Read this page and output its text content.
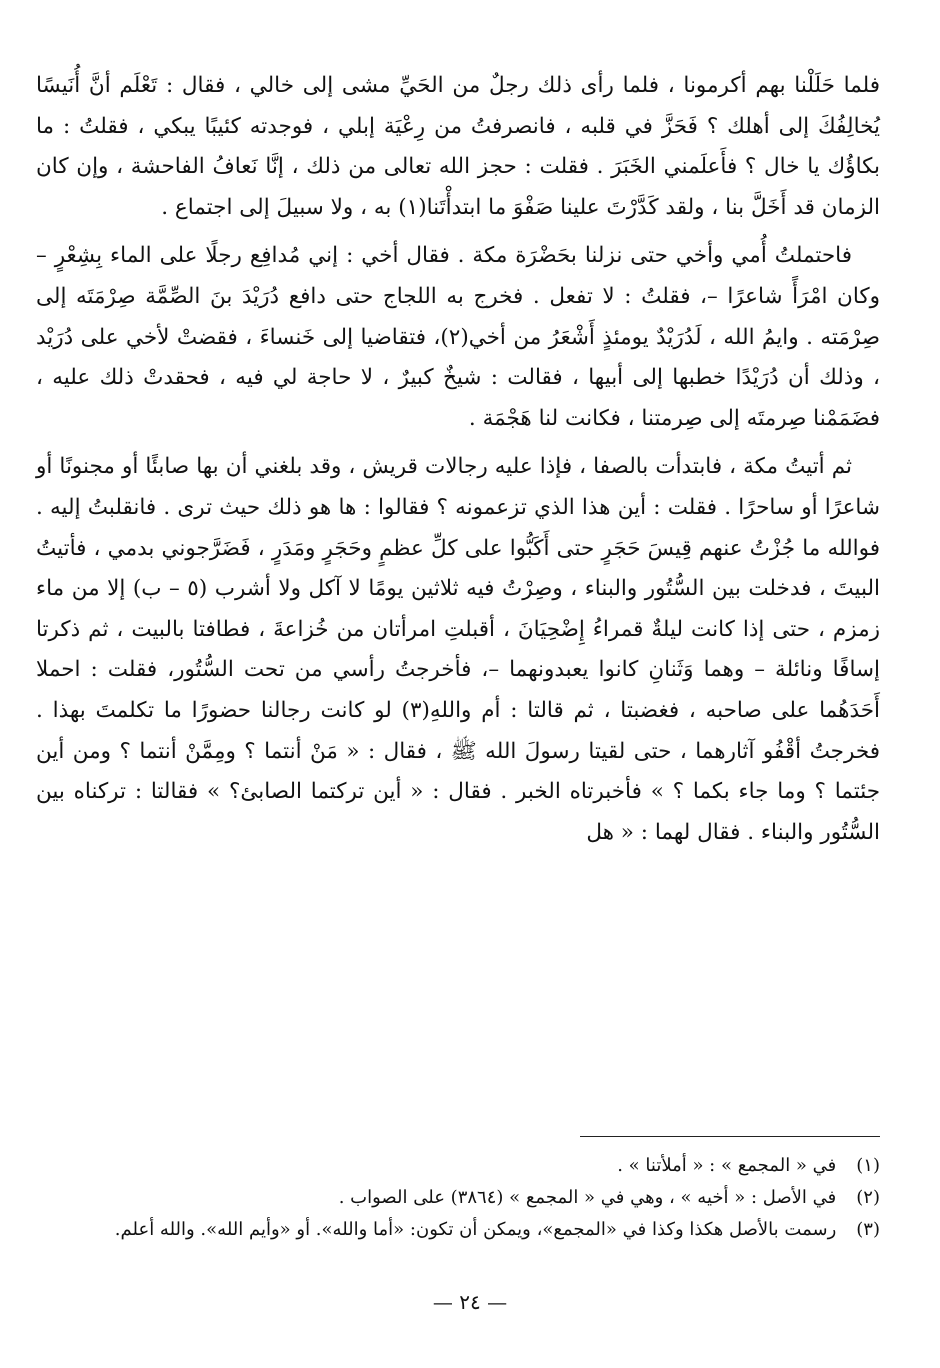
فلما حَلَلْنا بهم أكرمونا ، فلما رأى ذلك رجلٌ من الحَيِّ مشى إلى خالي ، فقال : تَعْلَم أنَّ أُنَيسًا يُخالِفُكَ إلى أهلك ؟ فَحَزَّ في قلبه ، فانصرفتُ من رِعْيَة إبلي ، فوجدته كئيبًا يبكي ، فقلتُ : ما بكاؤُك يا خال ؟ فأَعلَمني الخَبَرَ . فقلت : حجز الله تعالى من ذلك ، إنَّا نَعافُ الفاحشة ، وإن كان الزمان قد أَخَلَّ بنا ، ولقد كَدَّرْتَ علينا صَفْوَ ما ابتدأْتَنا(١) به ، ولا سبيلَ إلى اجتماع .

فاحتملتُ أُمي وأخي حتى نزلنا بحَضْرَة مكة . فقال أخي : إني مُدافِع رجلًا على الماء بِشِعْرٍ – وكان امْرَأً شاعرًا –، فقلتُ : لا تفعل . فخرج به اللجاج حتى دافع دُرَيْدَ بنَ الصِّمَّة صِرْمَتَه إلى صِرْمَته . وايمُ الله ، لَدُرَيْدٌ يومئذٍ أَشْعَرُ من أخي(٢)، فتقاضيا إلى خَنساءَ ، فقضتْ لأخي على دُرَيْد ، وذلك أن دُرَيْدًا خطبها إلى أبيها ، فقالت : شيخٌ كبيرٌ ، لا حاجة لي فيه ، فحقدتْ ذلك عليه ، فضَمَمْنا صِرمتَه إلى صِرمتنا ، فكانت لنا هَجْمَة .

ثم أتيتُ مكة ، فابتدأت بالصفا ، فإذا عليه رجالات قريش ، وقد بلغني أن بها صابئًا أو مجنونًا أو شاعرًا أو ساحرًا . فقلت : أين هذا الذي تزعمونه ؟ فقالوا : ها هو ذلك حيث ترى . فانقلبتُ إليه . فوالله ما جُزْتُ عنهم قِيسَ حَجَرٍ حتى أَكَبُّوا على كلِّ عظمٍ وحَجَرٍ ومَدَرٍ ، فَضَرَّجوني بدمي ، فأتيتُ البيتَ ، فدخلت بين السُّتُور والبناء ، وصِرْتُ فيه ثلاثين يومًا لا آكل ولا أشرب (٥ – ب) إلا من ماء زمزم ، حتى إذا كانت ليلةٌ قمراءُ إِضْحِيَانَ ، أقبلتِ امرأتان من خُزاعةَ ، فطافتا بالبيت ، ثم ذكرتا إسافًا ونائلة – وهما وَثَنانِ كانوا يعبدونهما –، فأخرجتُ رأسي من تحت السُّتُور، فقلت : احملا أَحَدَهُما على صاحبه ، فغضبتا ، ثم قالتا : أم واللهِ(٣) لو كانت رجالنا حضورًا ما تكلمتَ بهذا . فخرجتُ أقْفُو آثارهما ، حتى لقيتا رسولَ الله ﷺ ، فقال : « مَنْ أنتما ؟ ومِمَّنْ أنتما ؟ ومن أين جئتما ؟ وما جاء بكما ؟ » فأخبرتاه الخبر . فقال : « أين تركتما الصابئ؟ » فقالتا : تركناه بين السُّتُور والبناء . فقال لهما : « هل

(١) في « المجمع » : « أملأتنا » .

(٢) في الأصل : « أخيه » ، وهي في « المجمع » (٣٨٦٤) على الصواب .

(٣) رسمت بالأصل هكذا وكذا في «المجمع»، ويمكن أن تكون: «أما والله». أو «وأيم الله». والله أعلم.

— ٢٤ —
